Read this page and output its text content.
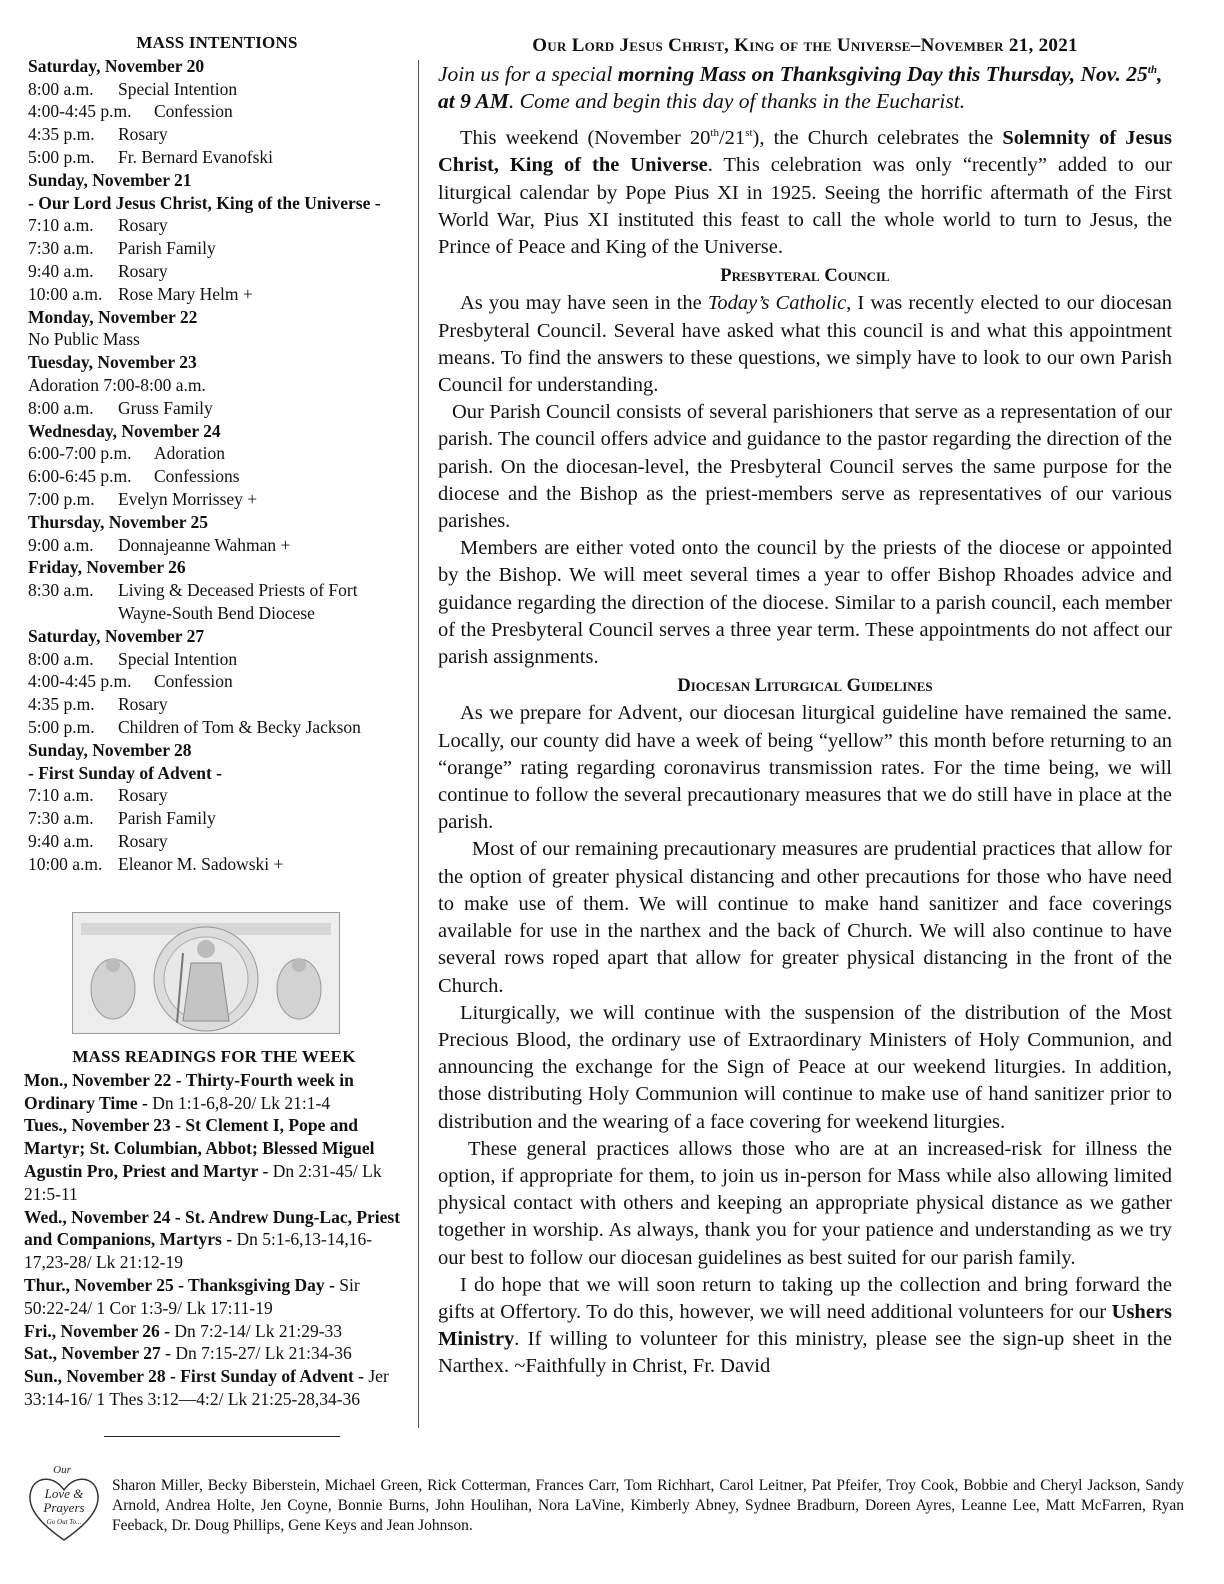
MASS INTENTIONS
Saturday, November 20
8:00 a.m.	Special Intention
4:00-4:45 p.m.	Confession
4:35 p.m.	Rosary
5:00 p.m.	Fr. Bernard Evanofski
Sunday, November 21
- Our Lord Jesus Christ, King of the Universe -
7:10 a.m.	Rosary
7:30 a.m.	Parish Family
9:40 a.m.	Rosary
10:00 a.m. Rose Mary Helm +
Monday, November 22
No Public Mass
Tuesday, November 23
Adoration 7:00-8:00 a.m.
8:00 a.m.	Gruss Family
Wednesday, November 24
6:00-7:00 p.m.	Adoration
6:00-6:45 p.m.	Confessions
7:00 p.m.	Evelyn Morrissey +
Thursday, November 25
9:00 a.m.	Donnajeanne Wahman +
Friday, November 26
8:30 a.m.	Living & Deceased Priests of Fort Wayne-South Bend Diocese
Saturday, November 27
8:00 a.m.	Special Intention
4:00-4:45 p.m.	Confession
4:35 p.m.	Rosary
5:00 p.m.	Children of Tom & Becky Jackson
Sunday, November 28
- First Sunday of Advent -
7:10 a.m.	Rosary
7:30 a.m.	Parish Family
9:40 a.m.	Rosary
10:00 a.m. Eleanor M. Sadowski +
MASS READINGS FOR THE WEEK
Mon., November 22 - Thirty-Fourth week in Ordinary Time - Dn 1:1-6,8-20/ Lk 21:1-4
Tues., November 23 - St Clement I, Pope and Martyr; St. Columbian, Abbot; Blessed Miguel Agustin Pro, Priest and Martyr - Dn 2:31-45/ Lk 21:5-11
Wed., November 24 - St. Andrew Dung-Lac, Priest and Companions, Martyrs - Dn 5:1-6,13-14,16-17,23-28/ Lk 21:12-19
Thur., November 25 - Thanksgiving Day - Sir 50:22-24/ 1 Cor 1:3-9/ Lk 17:11-19
Fri., November 26 - Dn 7:2-14/ Lk 21:29-33
Sat., November 27 - Dn 7:15-27/ Lk 21:34-36
Sun., November 28 - First Sunday of Advent - Jer 33:14-16/ 1 Thes 3:12—4:2/ Lk 21:25-28,34-36
Our Lord Jesus Christ, King of the Universe–November 21, 2021
Join us for a special morning Mass on Thanksgiving Day this Thursday, Nov. 25th, at 9 AM. Come and begin this day of thanks in the Eucharist.

This weekend (November 20th/21st), the Church celebrates the Solemnity of Jesus Christ, King of the Universe. This celebration was only “recently” added to our liturgical calendar by Pope Pius XI in 1925. Seeing the horrific aftermath of the First World War, Pius XI instituted this feast to call the whole world to turn to Jesus, the Prince of Peace and King of the Universe.

Presbyteral Council

As you may have seen in the Today’s Catholic, I was recently elected to our diocesan Presbyteral Council. Several have asked what this council is and what this appointment means. To find the answers to these questions, we simply have to look to our own Parish Council for understanding.

Our Parish Council consists of several parishioners that serve as a representation of our parish. The council offers advice and guidance to the pastor regarding the direction of the parish. On the diocesan-level, the Presbyteral Council serves the same purpose for the diocese and the Bishop as the priest-members serve as representatives of our various parishes.

Members are either voted onto the council by the priests of the diocese or appointed by the Bishop. We will meet several times a year to offer Bishop Rhoades advice and guidance regarding the direction of the diocese. Similar to a parish council, each member of the Presbyteral Council serves a three year term. These appointments do not affect our parish assignments.

Diocesan Liturgical Guidelines

As we prepare for Advent, our diocesan liturgical guideline have remained the same. Locally, our county did have a week of being “yellow” this month before returning to an “orange” rating regarding coronavirus transmission rates. For the time being, we will continue to follow the several precautionary measures that we do still have in place at the parish.

Most of our remaining precautionary measures are prudential practices that allow for the option of greater physical distancing and other precautions for those who have need to make use of them. We will continue to make hand sanitizer and face coverings available for use in the narthex and the back of Church. We will also continue to have several rows roped apart that allow for greater physical distancing in the front of the Church.

Liturgically, we will continue with the suspension of the distribution of the Most Precious Blood, the ordinary use of Extraordinary Ministers of Holy Communion, and announcing the exchange for the Sign of Peace at our weekend liturgies. In addition, those distributing Holy Communion will continue to make use of hand sanitizer prior to distribution and the wearing of a face covering for weekend liturgies.

These general practices allows those who are at an increased-risk for illness the option, if appropriate for them, to join us in-person for Mass while also allowing limited physical contact with others and keeping an appropriate physical distance as we gather together in worship. As always, thank you for your patience and understanding as we try our best to follow our diocesan guidelines as best suited for our parish family.

I do hope that we will soon return to taking up the collection and bring forward the gifts at Offertory. To do this, however, we will need additional volunteers for our Ushers Ministry. If willing to volunteer for this ministry, please see the sign-up sheet in the Narthex. ~Faithfully in Christ, Fr. David

Our
Love &
Prayers
Go Out To...
Sharon Miller, Becky Biberstein, Michael Green, Rick Cotterman, Frances Carr, Tom Richhart, Carol Leitner, Pat Pfeifer, Troy Cook, Bobbie and Cheryl Jackson, Sandy Arnold, Andrea Holte, Jen Coyne, Bonnie Burns, John Houlihan, Nora LaVine, Kimberly Abney, Sydnee Bradburn, Doreen Ayres, Leanne Lee, Matt McFarren, Ryan Feeback, Dr. Doug Phillips, Gene Keys and Jean Johnson.
